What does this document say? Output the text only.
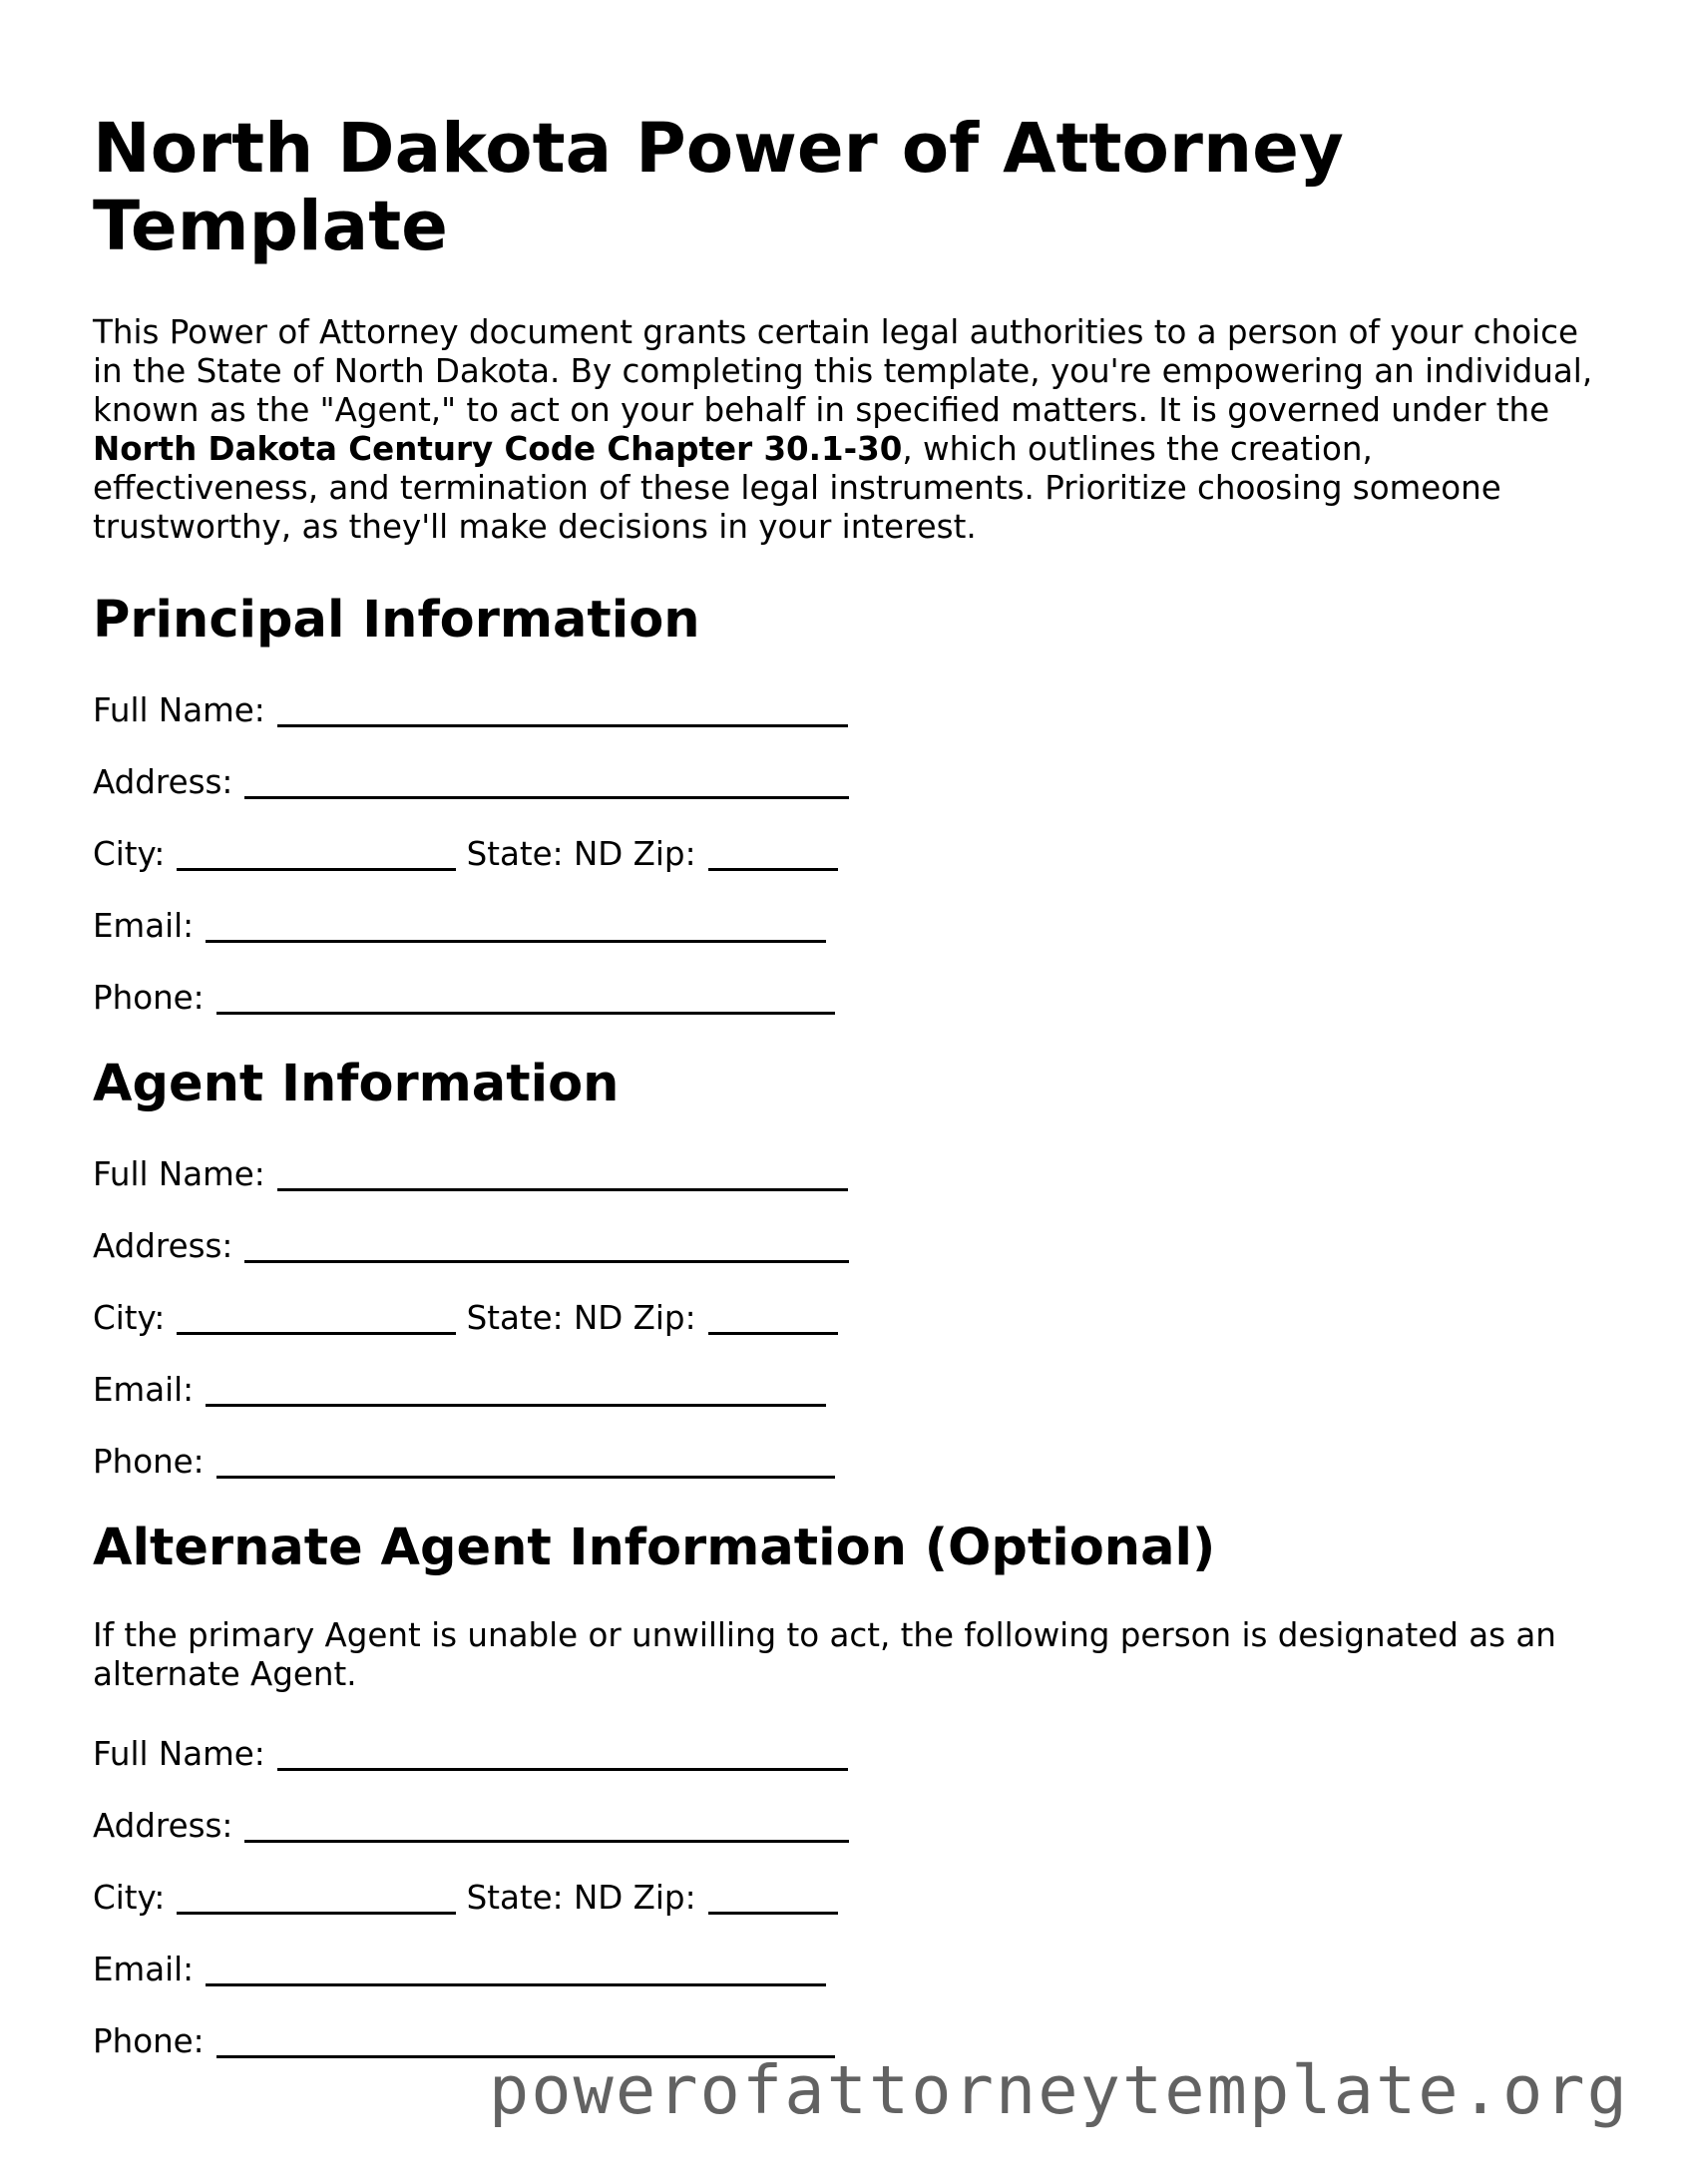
North Dakota Power of Attorney Template

This Power of Attorney document grants certain legal authorities to a person of your choice in the State of North Dakota. By completing this template, you're empowering an individual, known as the "Agent," to act on your behalf in specified matters. It is governed under the North Dakota Century Code Chapter 30.1-30, which outlines the creation, effectiveness, and termination of these legal instruments. Prioritize choosing someone trustworthy, as they'll make decisions in your interest.

Principal Information
Full Name:
Address:
City:	State: ND Zip:
Email:
Phone:
Agent Information
Full Name:
Address:
City:	State: ND Zip:
Email:
Phone:
Alternate Agent Information (Optional)

If the primary Agent is unable or unwilling to act, the following person is designated as an alternate Agent.

Full Name:
Address:
City:	State: ND Zip:
Email:
Phone:
powerofattorneytemplate.org
